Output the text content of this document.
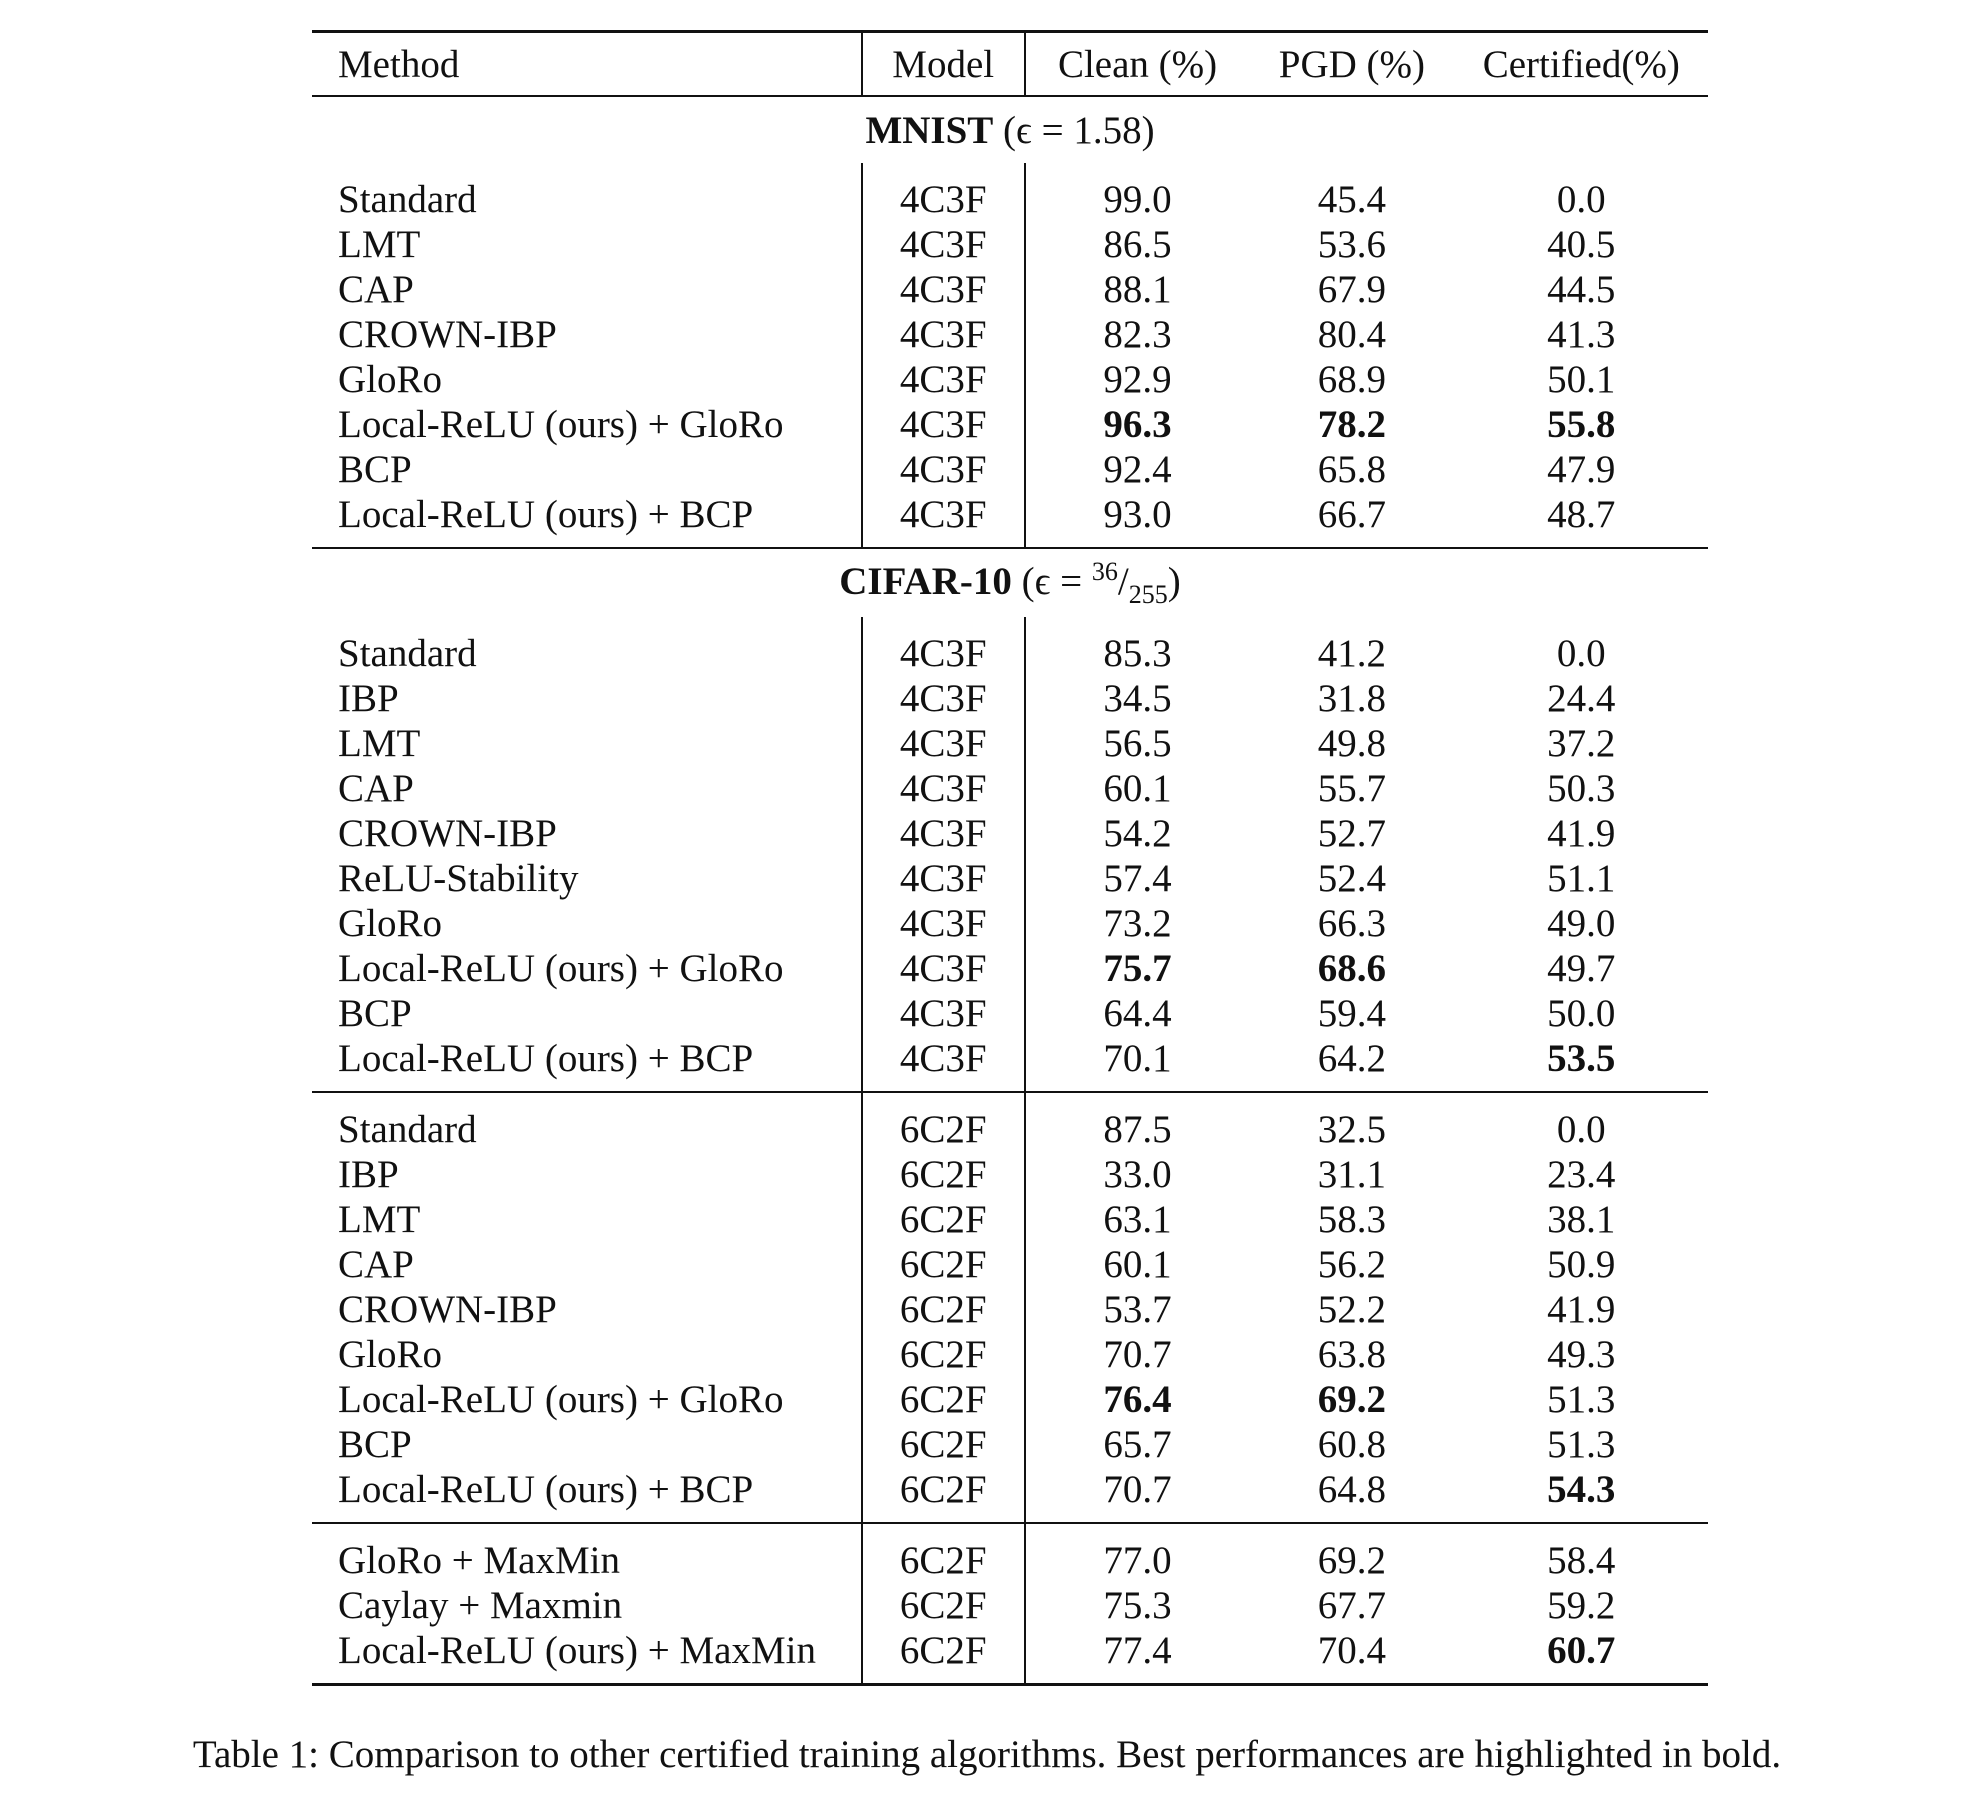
Method	Model	Clean (%)	PGD (%)	Certified(%)
MNIST (ϵ = 1.58)				
Standard	4C3F	99.0	45.4	0.0
LMT	4C3F	86.5	53.6	40.5
CAP	4C3F	88.1	67.9	44.5
CROWN-IBP	4C3F	82.3	80.4	41.3
GloRo	4C3F	92.9	68.9	50.1
Local-ReLU (ours) + GloRo	4C3F	96.3	78.2	55.8
BCP	4C3F	92.4	65.8	47.9
Local-ReLU (ours) + BCP	4C3F	93.0	66.7	48.7
CIFAR-10 $(\epsilon = ^{36}/_{255})$				
Standard	4C3F	85.3	41.2	0.0
IBP	4C3F	34.5	31.8	24.4
LMT	4C3F	56.5	49.8	37.2
CAP	4C3F	60.1	55.7	50.3
CROWN-IBP	4C3F	54.2	52.7	41.9
ReLU-Stability	4C3F	57.4	52.4	51.1
GloRo	4C3F	73.2	66.3	49.0
Local-ReLU (ours) + GloRo	4C3F	75.7	68.6	49.7
BCP	4C3F	64.4	59.4	50.0
Local-ReLU (ours) + BCP	4C3F	70.1	64.2	53.5
Standard	6C2F	87.5	32.5	0.0
IBP	6C2F	33.0	31.1	23.4
LMT	6C2F	63.1	58.3	38.1
CAP	6C2F	60.1	56.2	50.9
CROWN-IBP	6C2F	53.7	52.2	41.9
GloRo	6C2F	70.7	63.8	49.3
Local-ReLU (ours) + GloRo	6C2F	76.4	69.2	51.3
BCP	6C2F	65.7	60.8	51.3
Local-ReLU (ours) + BCP	6C2F	70.7	64.8	54.3
GloRo + MaxMin	6C2F	77.0	69.2	58.4
Caylay + Maxmin	6C2F	75.3	67.7	59.2
Local-ReLU (ours) + MaxMin	6C2F	77.4	70.4	60.7
Table 1: Comparison to other certified training algorithms. Best performances are highlighted in bold.
